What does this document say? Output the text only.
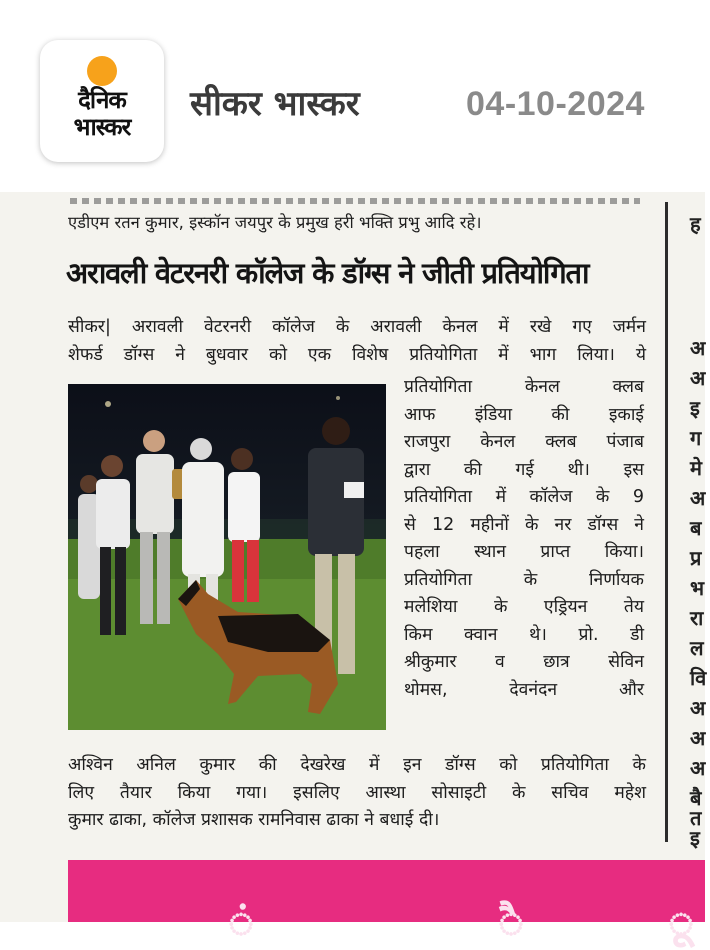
दैनिक
भास्कर
सीकर भास्कर	04-10-2024
एडीएम रतन कुमार, इस्कॉन जयपुर के प्रमुख हरी भक्ति प्रभु आदि रहे।
अरावली वेटरनरी कॉलेज के डॉग्स ने जीती प्रतियोगिता
सीकर| अरावली वेटरनरी कॉलेज के अरावली केनल में रखे गए जर्मन
शेफर्ड डॉग्स ने बुधवार को एक विशेष प्रतियोगिता में भाग लिया। ये
प्रतियोगिता केनल क्लब
आफ इंडिया की इकाई
राजपुरा केनल क्लब पंजाब
द्वारा की गई थी। इस
प्रतियोगिता में कॉलेज के 9
से 12 महीनों के नर डॉग्स ने
पहला स्थान प्राप्त किया।
प्रतियोगिता के निर्णायक
मलेशिया के एड्रियन तेय
किम क्वान थे। प्रो. डी
श्रीकुमार व छात्र सेविन
थोमस, देवनंदन और
अश्विन अनिल कुमार की देखरेख में इन डॉग्स को प्रतियोगिता के
लिए तैयार किया गया। इसलिए आस्था सोसाइटी के सचिव महेश
कुमार ढाका, कॉलेज प्रशासक रामनिवास ढाका ने बधाई दी।
ह
अ
अ
इ
ग
मे
अ
ब
प्र
भ
रा
ल
वि
अ
अ
अ
बै
त
इ
ं	ै	ू
